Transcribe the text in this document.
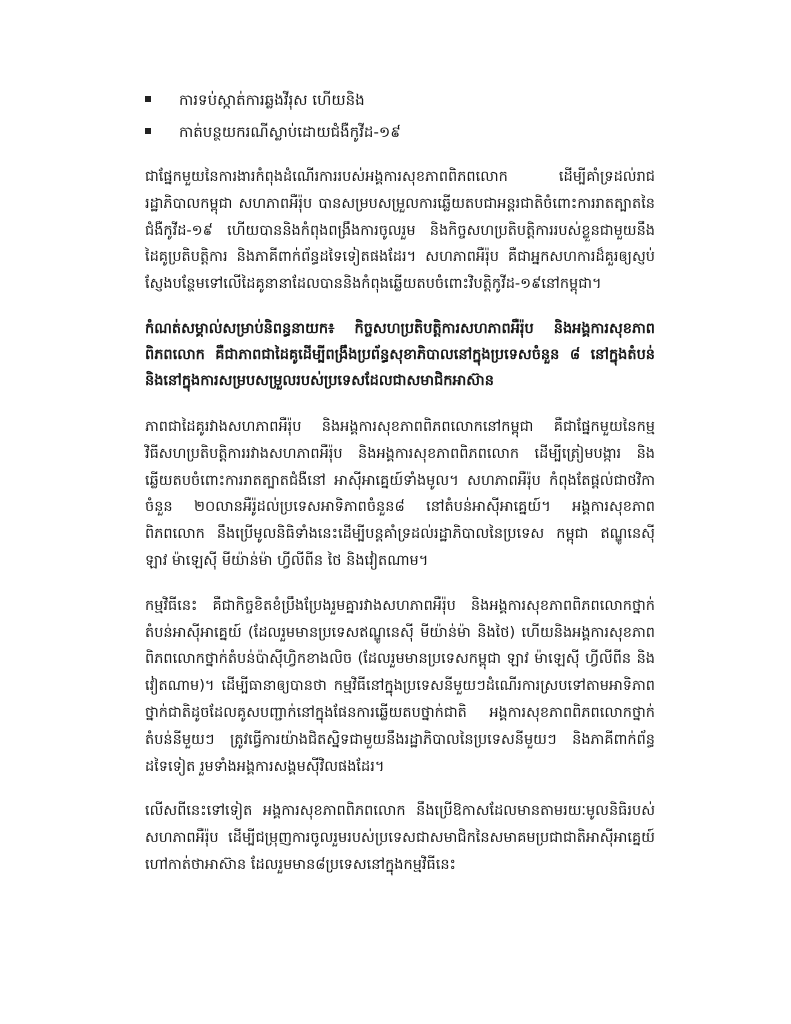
ការទប់ស្កាត់ការឆ្លងវីរុស ហើយនិង
កាត់បន្ថយករណីស្លាប់ដោយជំងឺកូវីដ-១៩

ជាផ្នែកមួយនៃការងារកំពុងដំណើរការរបស់អង្គការសុខភាពពិភពលោក ដើម្បីគាំទ្រដល់រាជរដ្ឋាភិបាលកម្ពុជា សហភាពអឺរ៉ុប បានសម្របសម្រួលការឆ្លើយតបជាអន្តរជាតិចំពោះការរាតត្បាតនៃជំងឺកូវីដ-១៩ ហើយបាននិងកំពុងពង្រឹងការចូលរួម និងកិច្ចសហប្រតិបត្តិការរបស់ខ្លួនជាមួយនឹងដៃគូប្រតិបត្តិការ និងភាគីពាក់ព័ន្ធដទៃទៀតផងដែរ។ សហភាពអឺរ៉ុប គឺជាអ្នកសហការដ៏គួរឲ្យស្ញប់ស្ញែងបន្ថែមទៅលើដៃគូនានាដែលបាននិងកំពុងឆ្លើយតបចំពោះវិបត្តិកូវីដ-១៩នៅកម្ពុជា។

កំណត់សម្គាល់សម្រាប់និពន្ធនាយក៖ កិច្ចសហប្រតិបត្តិការសហភាពអឺរ៉ុប និងអង្គការសុខភាពពិភពលោក គឺជាភាពជាដៃគូដើម្បីពង្រឹងប្រព័ន្ធសុខាភិបាលនៅក្នុងប្រទេសចំនួន ៨ នៅក្នុងតំបន់ និងនៅក្នុងការសម្របសម្រួលរបស់ប្រទេសដែលជាសមាជិកអាស៊ាន

ភាពជាដៃគូរវាងសហភាពអឺរ៉ុប និងអង្គការសុខភាពពិភពលោកនៅកម្ពុជា គឺជាផ្នែកមួយនៃកម្មវិធីសហប្រតិបត្តិការរវាងសហភាពអឺរ៉ុប និងអង្គការសុខភាពពិភពលោក ដើម្បីត្រៀមបង្ការ និងឆ្លើយតបចំពោះការរាតត្បាតជំងឺនៅ អាស៊ីអាគ្នេយ៍ទាំងមូល។ សហភាពអឺរ៉ុប កំពុងតែផ្ដល់ជាថវិកាចំនួន ២០លានអឺរ៉ូដល់ប្រទេសអាទិភាពចំនួន៨ នៅតំបន់អាស៊ីអាគ្នេយ៍។ អង្គការសុខភាពពិភពលោក នឹងប្រើមូលនិធិទាំងនេះដើម្បីបន្តគាំទ្រដល់រដ្ឋាភិបាលនៃប្រទេស កម្ពុជា ឥណ្ឌូនេស៊ី ឡាវ ម៉ាឡេស៊ី មីយ៉ាន់ម៉ា ហ្វីលីពីន ថៃ និងវៀតណាម។

កម្មវិធីនេះ គឺជាកិច្ចខិតខំប្រឹងប្រែងរួមគ្នារវាងសហភាពអឺរ៉ុប និងអង្គការសុខភាពពិភពលោកថ្នាក់តំបន់អាស៊ីអាគ្នេយ៍ (ដែលរួមមានប្រទេសឥណ្ឌូនេស៊ី មីយ៉ាន់ម៉ា និងថៃ) ហើយនិងអង្គការសុខភាពពិភពលោកថ្នាក់តំបន់ប៉ាស៊ីហ្វិកខាងលិច (ដែលរួមមានប្រទេសកម្ពុជា ឡាវ ម៉ាឡេស៊ី ហ្វីលីពីន និង វៀតណាម)។ ដើម្បីធានាឲ្យបានថា កម្មវិធីនៅក្នុងប្រទេសនីមួយៗដំណើរការស្របទៅតាមអាទិភាពថ្នាក់ជាតិដូចដែលគូសបញ្ជាក់នៅក្នុងផែនការឆ្លើយតបថ្នាក់ជាតិ អង្គការសុខភាពពិភពលោកថ្នាក់តំបន់នីមួយៗ ត្រូវធ្វើការយ៉ាងជិតស្និទជាមួយនឹងរដ្ឋាភិបាលនៃប្រទេសនីមួយៗ និងភាគីពាក់ព័ន្ធដទៃទៀត រួមទាំងអង្គការសង្គមស៊ីវិលផងដែរ។

លើសពីនេះទៅទៀត អង្គការសុខភាពពិភពលោក នឹងប្រើឱកាសដែលមានតាមរយៈមូលនិធិរបស់សហភាពអឺរ៉ុប ដើម្បីជម្រុញការចូលរួមរបស់ប្រទេសជាសមាជិកនៃសមាគមប្រជាជាតិអាស៊ីអាគ្នេយ៍ ហៅកាត់ថាអាស៊ាន ដែលរួមមាន៨ប្រទេសនៅក្នុងកម្មវិធីនេះ
